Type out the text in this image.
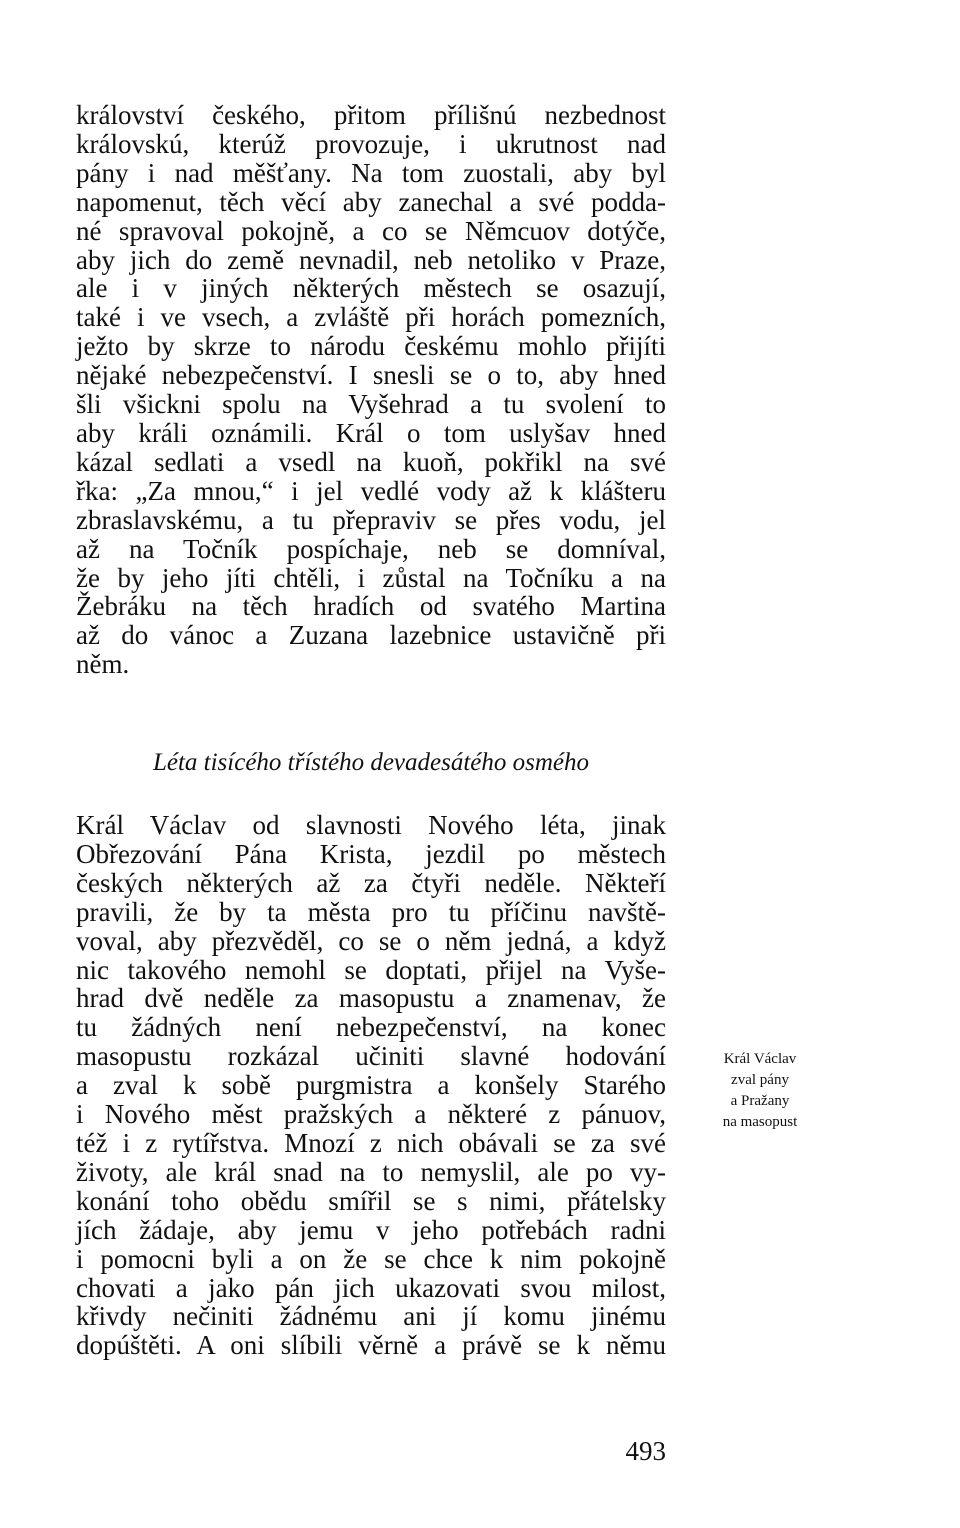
království českého, přitom přílišnú nezbednost
královskú, kterúž provozuje, i ukrutnost nad
pány i nad měšťany. Na tom zuostali, aby byl
napomenut, těch věcí aby zanechal a své podda-
né spravoval pokojně, a co se Němcuov dotýče,
aby jich do země nevnadil, neb netoliko v Praze,
ale i v jiných některých městech se osazují,
také i ve vsech, a zvláště při horách pomezních,
ježto by skrze to národu českému mohlo přijíti
nějaké nebezpečenství. I snesli se o to, aby hned
šli všickni spolu na Vyšehrad a tu svolení to
aby králi oznámili. Král o tom uslyšav hned
kázal sedlati a vsedl na kuoň, pokřikl na své
řka: „Za mnou,“ i jel vedlé vody až k klášteru
zbraslavskému, a tu přepraviv se přes vodu, jel
až na Točník pospíchaje, neb se domníval,
že by jeho jíti chtěli, i zůstal na Točníku a na
Žebráku na těch hradích od svatého Martina
až do vánoc a Zuzana lazebnice ustavičně při
něm.
Léta tisícého třístého devadesátého osmého
Král Václav od slavnosti Nového léta, jinak
Obřezování Pána Krista, jezdil po městech
českých některých až za čtyři neděle. Někteří
pravili, že by ta města pro tu příčinu navště-
voval, aby přezvěděl, co se o něm jedná, a když
nic takového nemohl se doptati, přijel na Vyše-
hrad dvě neděle za masopustu a znamenav, že
tu žádných není nebezpečenství, na konec
masopustu rozkázal učiniti slavné hodování
a zval k sobě purgmistra a konšely Starého
i Nového měst pražských a některé z pánuov,
též i z rytířstva. Mnozí z nich obávali se za své
životy, ale král snad na to nemyslil, ale po vy-
konání toho obědu smířil se s nimi, přátelsky
jích žádaje, aby jemu v jeho potřebách radni
i pomocni byli a on že se chce k nim pokojně
chovati a jako pán jich ukazovati svou milost,
křivdy nečiniti žádnému ani jí komu jinému
dopúštěti. A oni slíbili věrně a právě se k němu
Král Václav
zval pány
a Pražany
na masopust
493
